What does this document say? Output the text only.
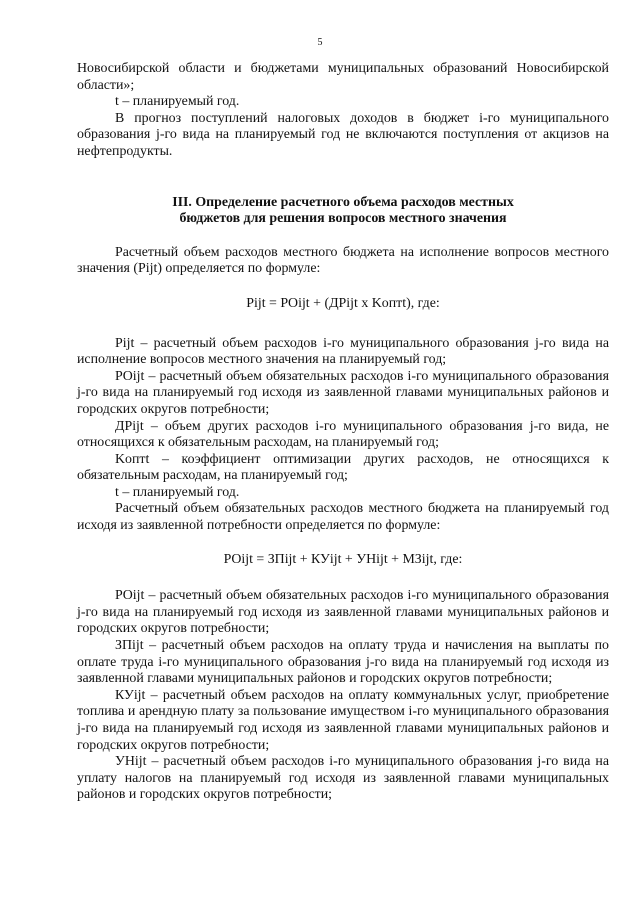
5

Новосибирской области и бюджетами муниципальных образований Новосибирской области»;

t – планируемый год.

В прогноз поступлений налоговых доходов в бюджет i-го муниципального образования j-го вида на планируемый год не включаются поступления от акцизов на нефтепродукты.

III. Определение расчетного объема расходов местных
бюджетов для решения вопросов местного значения

Расчетный объем расходов местного бюджета на исполнение вопросов местного значения (Pijt) определяется по формуле:

Pijt = POijt + (ДPijt х Kоптt), где:

Pijt – расчетный объем расходов i-го муниципального образования j-го вида на исполнение вопросов местного значения на планируемый год;

POijt – расчетный объем обязательных расходов i-го муниципального образования j-го вида на планируемый год исходя из заявленной главами муниципальных районов и городских округов потребности;

ДPijt – объем других расходов i-го муниципального образования j-го вида, не относящихся к обязательным расходам, на планируемый год;

Kоптt – коэффициент оптимизации других расходов, не относящихся к обязательным расходам, на планируемый год;

t – планируемый год.

Расчетный объем обязательных расходов местного бюджета на планируемый год исходя из заявленной потребности определяется по формуле:

POijt = ЗПijt + КУijt + УНijt + МЗijt, где:

POijt – расчетный объем обязательных расходов i-го муниципального образования j-го вида на планируемый год исходя из заявленной главами муниципальных районов и городских округов потребности;

ЗПijt – расчетный объем расходов на оплату труда и начисления на выплаты по оплате труда i-го муниципального образования j-го вида на планируемый год исходя из заявленной главами муниципальных районов и городских округов потребности;

КУijt – расчетный объем расходов на оплату коммунальных услуг, приобретение топлива и арендную плату за пользование имуществом i-го муниципального образования j-го вида на планируемый год исходя из заявленной главами муниципальных районов и городских округов потребности;

УНijt – расчетный объем расходов i-го муниципального образования j-го вида на уплату налогов на планируемый год исходя из заявленной главами муниципальных районов и городских округов потребности;
